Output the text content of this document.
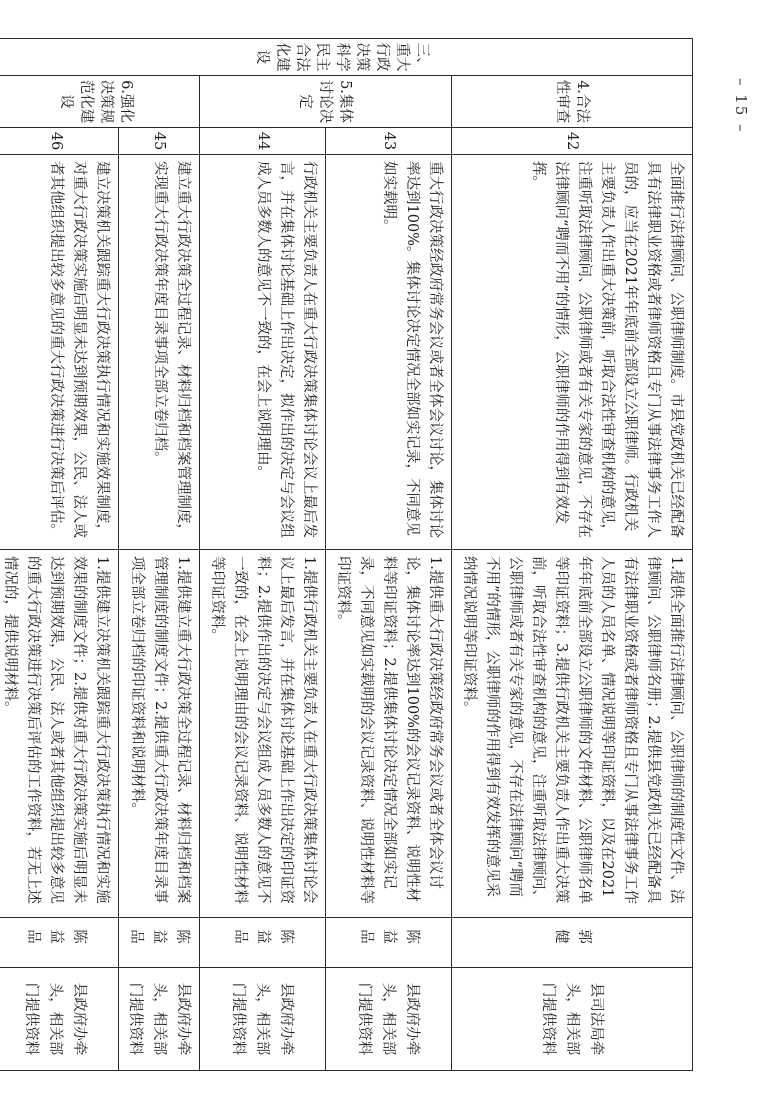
– 15 –
三、重大行政决策科学民主合法化建设	4.合法性审查	42	全面推行法律顾问、公职律师制度。市县党政机关已经配备具有法律职业资格或者律师资格且专门从事法律事务工作人员的，应当在2021年年底前全部设立公职律师。行政机关主要负责人作出重大决策前，听取合法性审查机构的意见，注重听取法律顾问、公职律师或者有关专家的意见，不存在法律顾问“聘而不用”的情形，公职律师的作用得到有效发挥。	1.提供全面推行法律顾问、公职律师的制度性文件、法律顾问、公职律师名册；2.提供县党政机关已经配备具有法律职业资格或者律师资格且专门从事法律事务工作人员的人员名单、情况说明等印证资料，以及在2021年年底前全部设立公职律师的文件材料、公职律师名单等印证资料；3.提供行政机关主要负责人作出重大决策前，听取合法性审查机构的意见，注重听取法律顾问、公职律师或者有关专家的意见，不存在法律顾问“聘而不用”的情形，公职律师的作用得到有效发挥的意见采纳情况说明等印证资料。	郭健	县司法局牵头，相关部门提供资料
	5.集体讨论决定	43	重大行政决策经政府常务会议或者全体会议讨论，集体讨论率达到100%。集体讨论决定情况全部如实记录，不同意见如实载明。	1.提供重大行政决策经政府常务会议或者全体会议讨论，集体讨论率达到100%的会议记录资料、说明性材料等印证资料；2.提供集体讨论决定情况全部如实记录，不同意见如实载明的会议记录资料、说明性材料等印证资料。	陈益品	县政府办牵头，相关部门提供资料
		44	行政机关主要负责人在重大行政决策集体讨论会议上最后发言，并在集体讨论基础上作出决定，拟作出的决定与会议组成人员多数人的意见不一致的，在会上说明理由。	1.提供行政机关主要负责人在重大行政决策集体讨论会议上最后发言，并在集体讨论基础上作出决定的印证资料；2.提供作出的决定与会议组成人员多数人的意见不一致的，在会上说明理由的会议记录资料、说明性材料等印证资料。	陈益品	县政府办牵头，相关部门提供资料
	6.强化决策规范化建设	45	建立重大行政决策全过程记录、材料归档和档案管理制度，实现重大行政决策年度目录事项全部立卷归档。	1.提供建立重大行政决策全过程记录、材料归档和档案管理制度的制度文件；2.提供重大行政决策年度目录事项全部立卷归档的印证资料和说明材料。	陈益品	县政府办牵头，相关部门提供资料
		46	建立决策机关跟踪重大行政决策执行情况和实施效果制度，对重大行政决策实施后明显未达到预期效果，公民、法人或者其他组织提出较多意见的重大行政决策进行决策后评估。	1.提供建立决策机关跟踪重大行政决策执行情况和实施效果的制度文件；2.提供对重大行政决策实施后明显未达到预期效果，公民、法人或者其他组织提出较多意见的重大行政决策进行决策后评估的工作资料，若无上述情况的，提供说明材料。	陈益品	县政府办牵头，相关部门提供资料
